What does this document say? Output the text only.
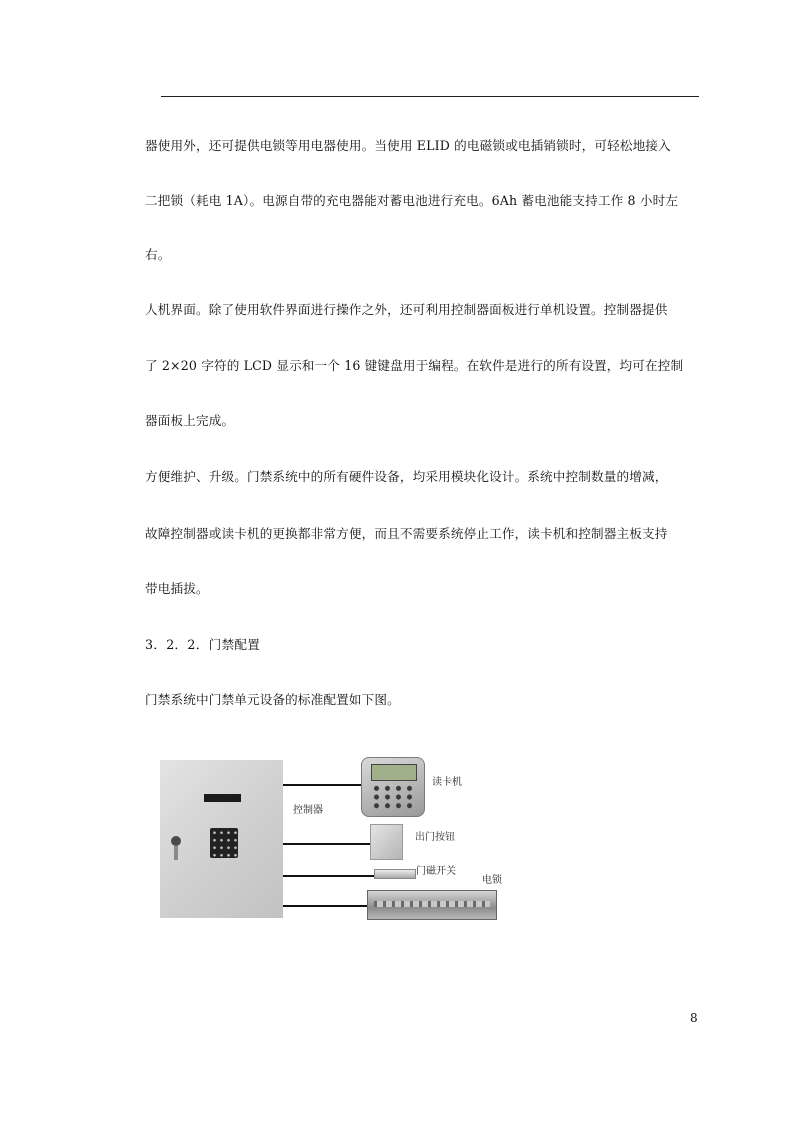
器使用外，还可提供电锁等用电器使用。当使用 ELID 的电磁锁或电插销锁时，可轻松地接入
二把锁（耗电 1A）。电源自带的充电器能对蓄电池进行充电。6Ah 蓄电池能支持工作 8 小时左
右。
人机界面。除了使用软件界面进行操作之外，还可利用控制器面板进行单机设置。控制器提供
了 2×20 字符的 LCD 显示和一个 16 键键盘用于编程。在软件是进行的所有设置，均可在控制
器面板上完成。
方便维护、升级。门禁系统中的所有硬件设备，均采用模块化设计。系统中控制数量的增减，
故障控制器或读卡机的更换都非常方便，而且不需要系统停止工作，读卡机和控制器主板支持
带电插拔。
3．2．2．门禁配置
门禁系统中门禁单元设备的标准配置如下图。
控制器
读卡机
出门按钮
门磁开关
电锁
8
